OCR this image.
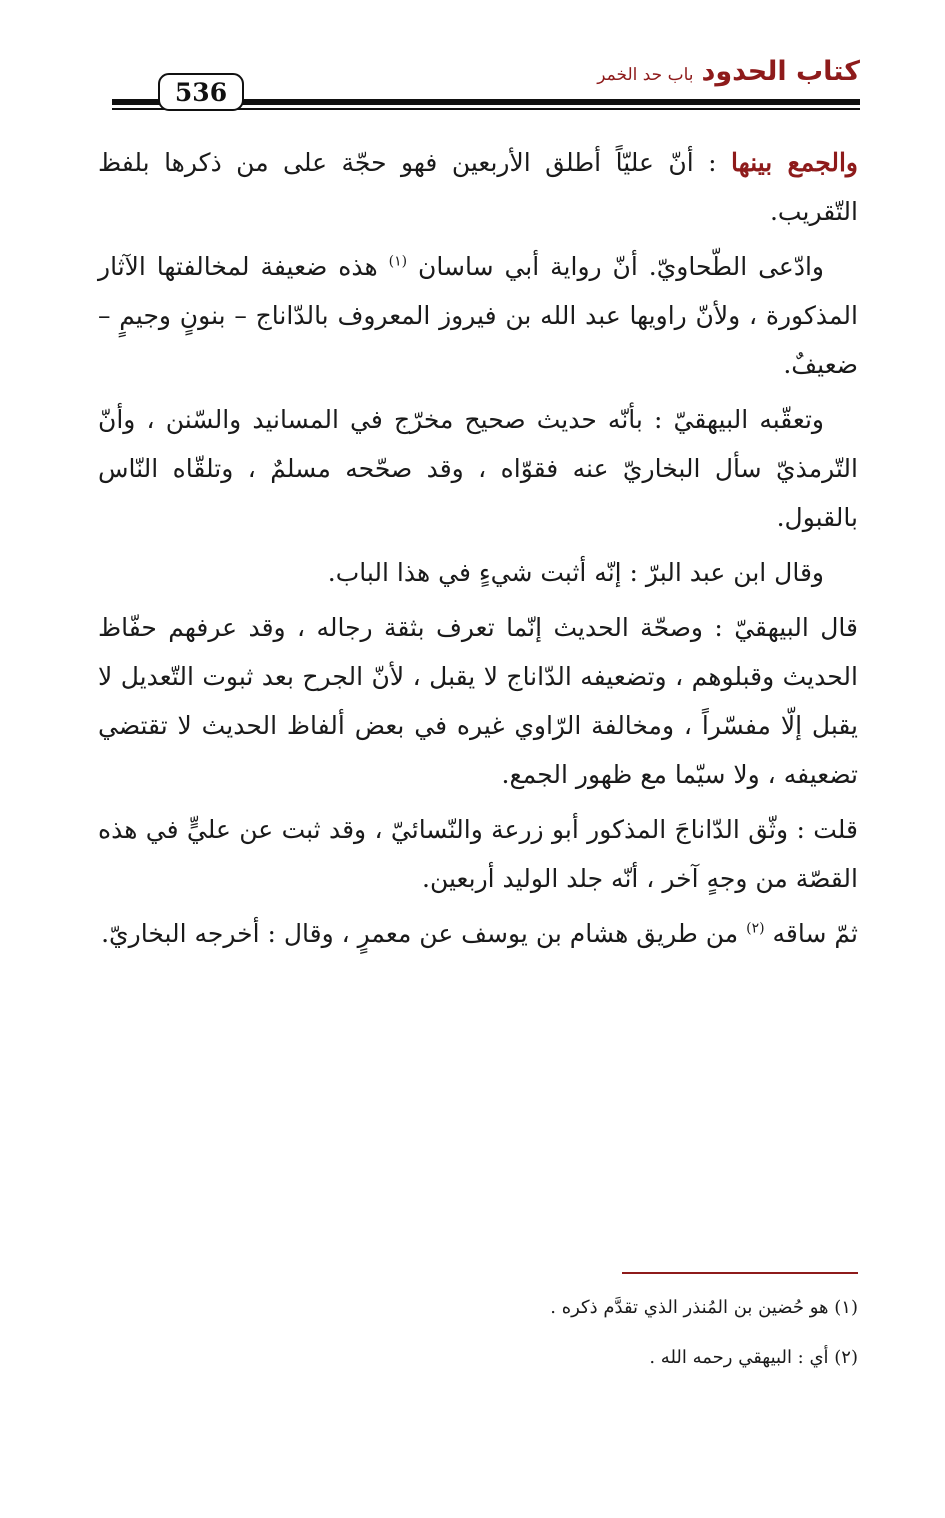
كتاب الحدودباب حد الخمر
536

والجمع بينها : أنّ عليّاً أطلق الأربعين فهو حجّة على من ذكرها بلفظ التّقريب.

وادّعى الطّحاويّ. أنّ رواية أبي ساسان $^{(١)}$ هذه ضعيفة لمخالفتها الآثار المذكورة ، ولأنّ راويها عبد الله بن فيروز المعروف بالدّاناج – بنونٍ وجيمٍ – ضعيفٌ.

وتعقّبه البيهقيّ : بأنّه حديث صحيح مخرّج في المسانيد والسّنن ، وأنّ التّرمذيّ سأل البخاريّ عنه فقوّاه ، وقد صحّحه مسلمٌ ، وتلقّاه النّاس بالقبول.

وقال ابن عبد البرّ : إنّه أثبت شيءٍ في هذا الباب.

قال البيهقيّ : وصحّة الحديث إنّما تعرف بثقة رجاله ، وقد عرفهم حفّاظ الحديث وقبلوهم ، وتضعيفه الدّاناج لا يقبل ، لأنّ الجرح بعد ثبوت التّعديل لا يقبل إلّا مفسّراً ، ومخالفة الرّاوي غيره في بعض ألفاظ الحديث لا تقتضي تضعيفه ، ولا سيّما مع ظهور الجمع.

قلت : وثّق الدّاناجَ المذكور أبو زرعة والنّسائيّ ، وقد ثبت عن عليٍّ في هذه القصّة من وجهٍ آخر ، أنّه جلد الوليد أربعين.

ثمّ ساقه $^{(٢)}$ من طريق هشام بن يوسف عن معمرٍ ، وقال : أخرجه البخاريّ.

(١) هو حُضين بن المُنذر الذي تقدَّم ذكره .

(٢) أي : البيهقي رحمه الله .
